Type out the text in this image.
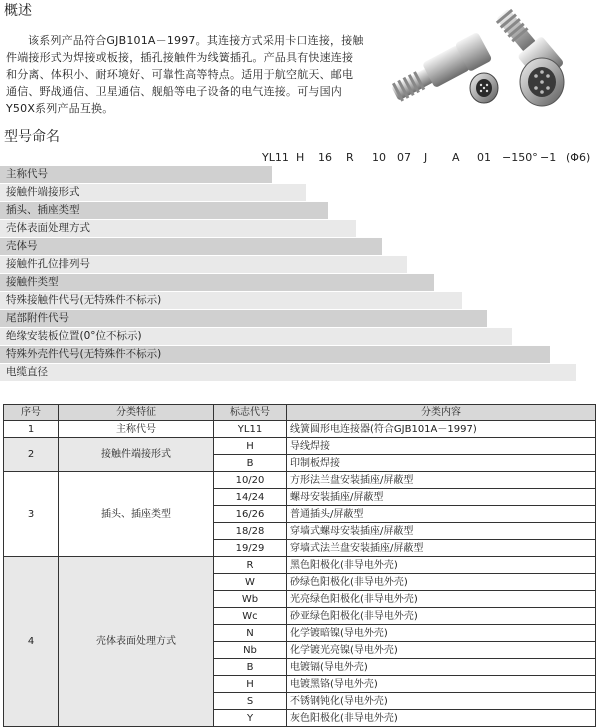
概述
该系列产品符合GJB101A－1997。其连接方式采用卡口连接，接触件端接形式为焊接或板接，插孔接触件为线簧插孔。产品具有快速连接和分离、体积小、耐环境好、可靠性高等特点。适用于航空航天、邮电通信、野战通信、卫星通信、舰船等电子设备的电气连接。可与国内Y50X系列产品互换。
型号命名
YL11 H 16 R 10 07 J A 01 −150° −1 (Φ6)
主称代号
接触件端接形式
插头、插座类型
壳体表面处理方式
壳体号
接触件孔位排列号
接触件类型
特殊接触件代号(无特殊件不标示)
尾部附件代号
绝缘安装板位置(0°位不标示)
特殊外壳件代号(无特殊件不标示)
电缆直径
序号	分类特征	标志代号	分类内容
1	主称代号	YL11	线簧圆形电连接器(符合GJB101A－1997)
2	接触件端接形式	H	导线焊接
		B	印制板焊接
3	插头、插座类型	10/20	方形法兰盘安装插座/屏蔽型
		14/24	螺母安装插座/屏蔽型
		16/26	普通插头/屏蔽型
		18/28	穿墙式螺母安装插座/屏蔽型
		19/29	穿墙式法兰盘安装插座/屏蔽型
4	壳体表面处理方式	R	黑色阳极化(非导电外壳)
		W	砂绿色阳极化(非导电外壳)
		Wb	光亮绿色阳极化(非导电外壳)
		Wc	砂亚绿色阳极化(非导电外壳)
		N	化学镀暗镍(导电外壳)
		Nb	化学镀光亮镍(导电外壳)
		B	电镀镉(导电外壳)
		H	电镀黑铬(导电外壳)
		S	不锈钢钝化(导电外壳)
		Y	灰色阳极化(非导电外壳)
